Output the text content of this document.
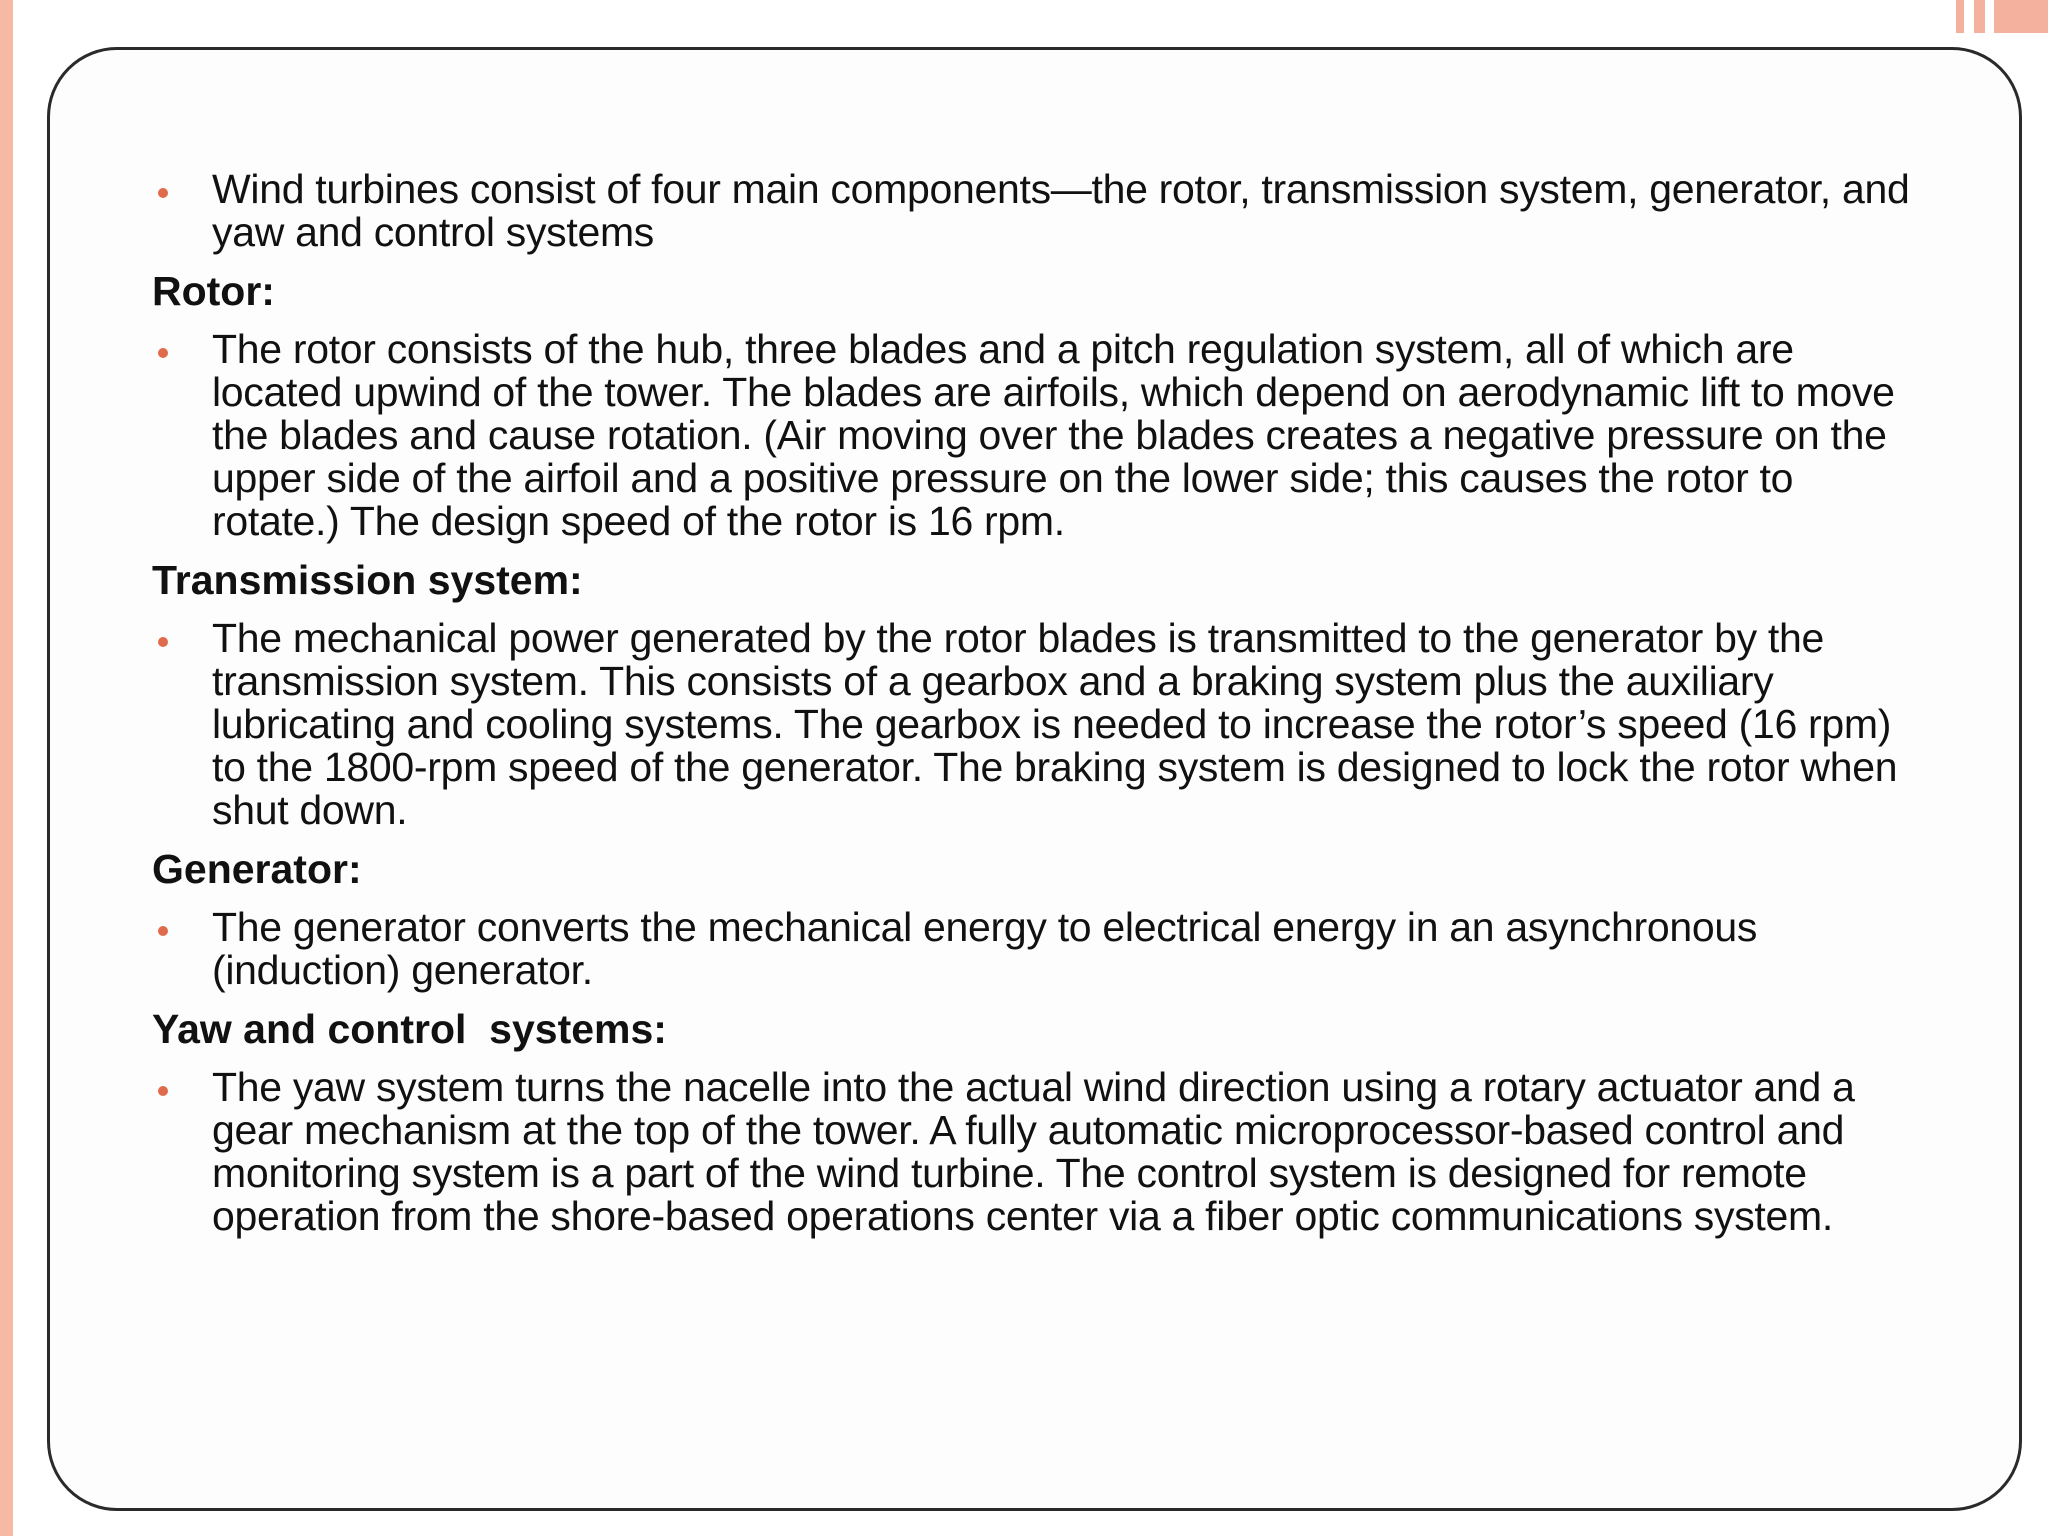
Wind turbines consist of four main components—the rotor, transmission system, generator, and yaw and control systems
Rotor:
The rotor consists of the hub, three blades and a pitch regulation system, all of which are located upwind of the tower. The blades are airfoils, which depend on aerodynamic lift to move the blades and cause rotation. (Air moving over the blades creates a negative pressure on the upper side of the airfoil and a positive pressure on the lower side; this causes the rotor to rotate.) The design speed of the rotor is 16 rpm.
Transmission system:
The mechanical power generated by the rotor blades is transmitted to the generator by the transmission system. This consists of a gearbox and a braking system plus the auxiliary lubricating and cooling systems. The gearbox is needed to increase the rotor’s speed (16 rpm) to the 1800-rpm speed of the generator. The braking system is designed to lock the rotor when shut down.
Generator:
The generator converts the mechanical energy to electrical energy in an asynchronous (induction) generator.
Yaw and control  systems:
The yaw system turns the nacelle into the actual wind direction using a rotary actuator and a gear mechanism at the top of the tower. A fully automatic microprocessor-based control and monitoring system is a part of the wind turbine. The control system is designed for remote operation from the shore-based operations center via a fiber optic communications system.
